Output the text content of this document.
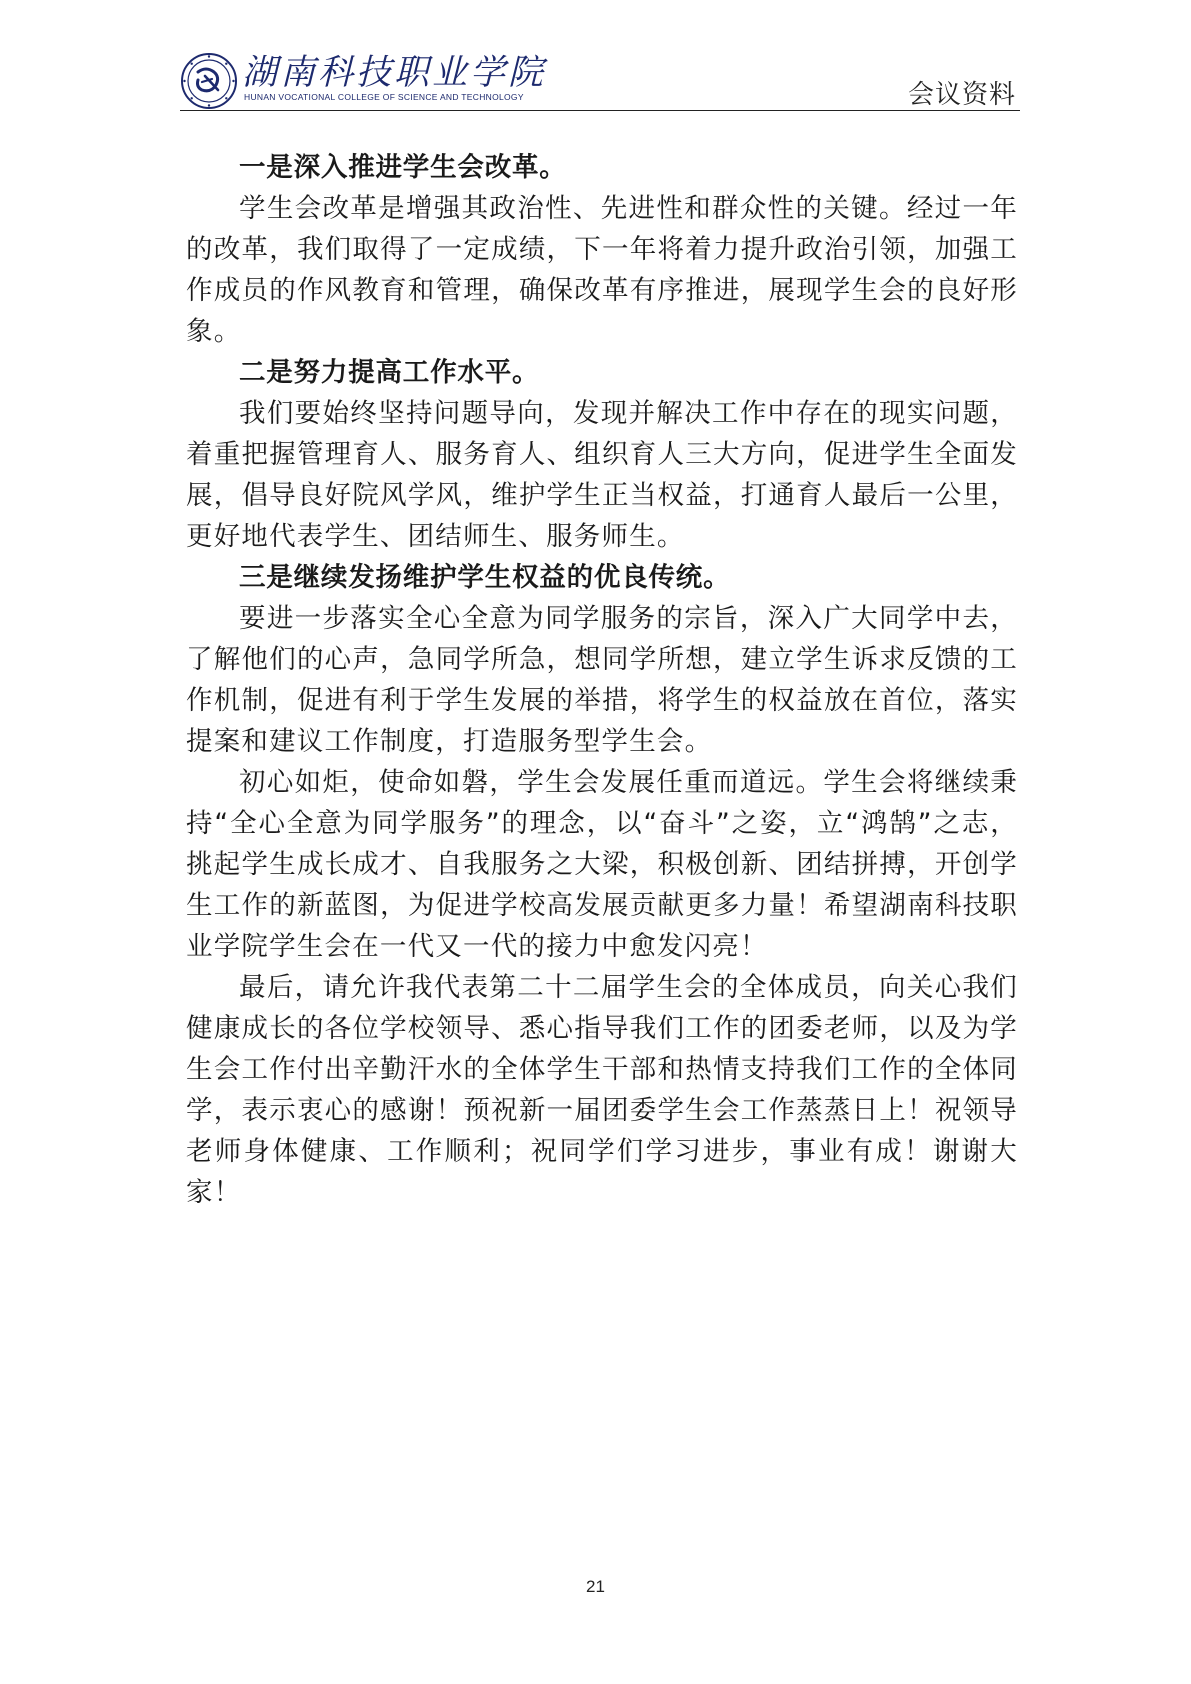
湖南科技职业学院
HUNAN VOCATIONAL COLLEGE OF SCIENCE AND TECHNOLOGY	会议资料

一是深入推进学生会改革。

学生会改革是增强其政治性、先进性和群众性的关键。经过一年的改革，我们取得了一定成绩，下一年将着力提升政治引领，加强工作成员的作风教育和管理，确保改革有序推进，展现学生会的良好形象。

二是努力提高工作水平。

我们要始终坚持问题导向，发现并解决工作中存在的现实问题，着重把握管理育人、服务育人、组织育人三大方向，促进学生全面发展，倡导良好院风学风，维护学生正当权益，打通育人最后一公里，更好地代表学生、团结师生、服务师生。

三是继续发扬维护学生权益的优良传统。

要进一步落实全心全意为同学服务的宗旨，深入广大同学中去，了解他们的心声，急同学所急，想同学所想，建立学生诉求反馈的工作机制，促进有利于学生发展的举措，将学生的权益放在首位，落实提案和建议工作制度，打造服务型学生会。

初心如炬，使命如磐，学生会发展任重而道远。学生会将继续秉持“全心全意为同学服务”的理念，以“奋斗”之姿，立“鸿鹄”之志，挑起学生成长成才、自我服务之大梁，积极创新、团结拼搏，开创学生工作的新蓝图，为促进学校高发展贡献更多力量！希望湖南科技职业学院学生会在一代又一代的接力中愈发闪亮！

最后，请允许我代表第二十二届学生会的全体成员，向关心我们健康成长的各位学校领导、悉心指导我们工作的团委老师，以及为学生会工作付出辛勤汗水的全体学生干部和热情支持我们工作的全体同学，表示衷心的感谢！预祝新一届团委学生会工作蒸蒸日上！祝领导老师身体健康、工作顺利；祝同学们学习进步，事业有成！谢谢大家！

21
